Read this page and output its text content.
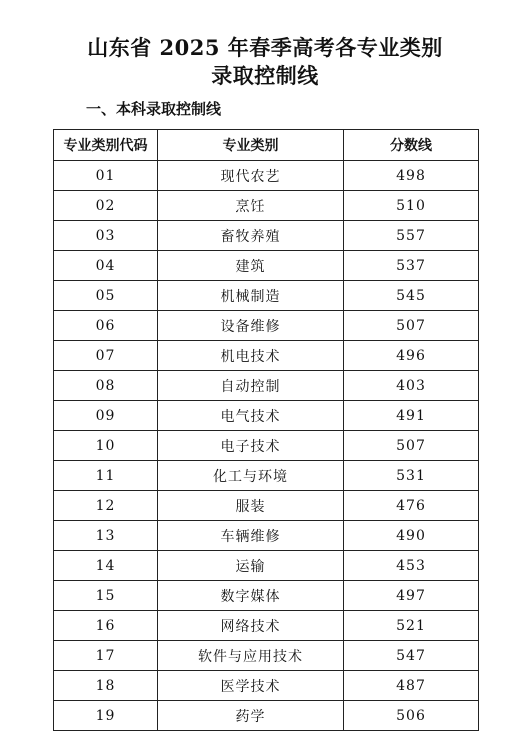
山东省 2025 年春季高考各专业类别
录取控制线
一、本科录取控制线
专业类别代码	专业类别	分数线
01	现代农艺	498
02	烹饪	510
03	畜牧养殖	557
04	建筑	537
05	机械制造	545
06	设备维修	507
07	机电技术	496
08	自动控制	403
09	电气技术	491
10	电子技术	507
11	化工与环境	531
12	服装	476
13	车辆维修	490
14	运输	453
15	数字媒体	497
16	网络技术	521
17	软件与应用技术	547
18	医学技术	487
19	药学	506
